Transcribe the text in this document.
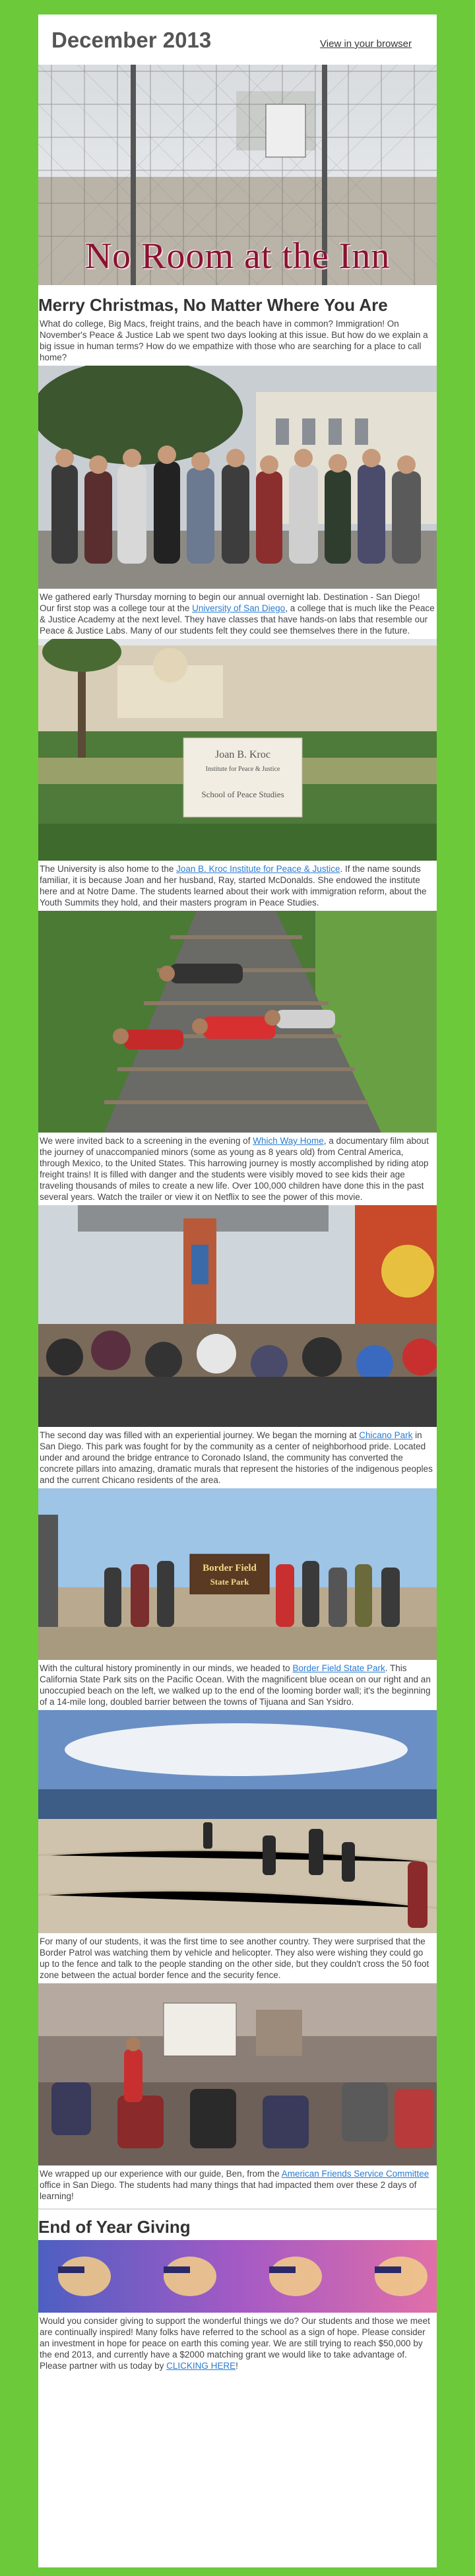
December 2013	View in your browser
No Room at the Inn
Merry Christmas, No Matter Where You Are

What do college, Big Macs, freight trains, and the beach have in common? Immigration! On November's Peace & Justice Lab we spent two days looking at this issue. But how do we explain a big issue in human terms? How do we empathize with those who are searching for a place to call home?

We gathered early Thursday morning to begin our annual overnight lab. Destination - San Diego! Our first stop was a college tour at the University of San Diego, a college that is much like the Peace & Justice Academy at the next level. They have classes that have hands-on labs that resemble our Peace & Justice Labs. Many of our students felt they could see themselves there in the future.

Joan B. Kroc
Institute for Peace & Justice
School of Peace Studies

The University is also home to the Joan B. Kroc Institute for Peace & Justice. If the name sounds familiar, it is because Joan and her husband, Ray, started McDonalds. She endowed the institute here and at Notre Dame. The students learned about their work with immigration reform, about the Youth Summits they hold, and their masters program in Peace Studies.

We were invited back to a screening in the evening of Which Way Home, a documentary film about the journey of unaccompanied minors (some as young as 8 years old) from Central America, through Mexico, to the United States. This harrowing journey is mostly accomplished by riding atop freight trains! It is filled with danger and the students were visibly moved to see kids their age traveling thousands of miles to create a new life. Over 100,000 children have done this in the past several years. Watch the trailer or view it on Netflix to see the power of this movie.

The second day was filled with an experiential journey. We began the morning at Chicano Park in San Diego. This park was fought for by the community as a center of neighborhood pride. Located under and around the bridge entrance to Coronado Island, the community has converted the concrete pillars into amazing, dramatic murals that represent the histories of the indigenous peoples and the current Chicano residents of the area.

Border Field
State Park

With the cultural history prominently in our minds, we headed to Border Field State Park. This California State Park sits on the Pacific Ocean. With the magnificent blue ocean on our right and an unoccupied beach on the left, we walked up to the end of the looming border wall; it's the beginning of a 14-mile long, doubled barrier between the towns of Tijuana and San Ysidro.

For many of our students, it was the first time to see another country. They were surprised that the Border Patrol was watching them by vehicle and helicopter. They also were wishing they could go up to the fence and talk to the people standing on the other side, but they couldn't cross the 50 foot zone between the actual border fence and the security fence.

We wrapped up our experience with our guide, Ben, from the American Friends Service Committee office in San Diego. The students had many things that had impacted them over these 2 days of learning!

End of Year Giving

Would you consider giving to support the wonderful things we do? Our students and those we meet are continually inspired! Many folks have referred to the school as a sign of hope. Please consider an investment in hope for peace on earth this coming year. We are still trying to reach $50,000 by the end 2013, and currently have a $2000 matching grant we would like to take advantage of. Please partner with us today by CLICKING HERE!
